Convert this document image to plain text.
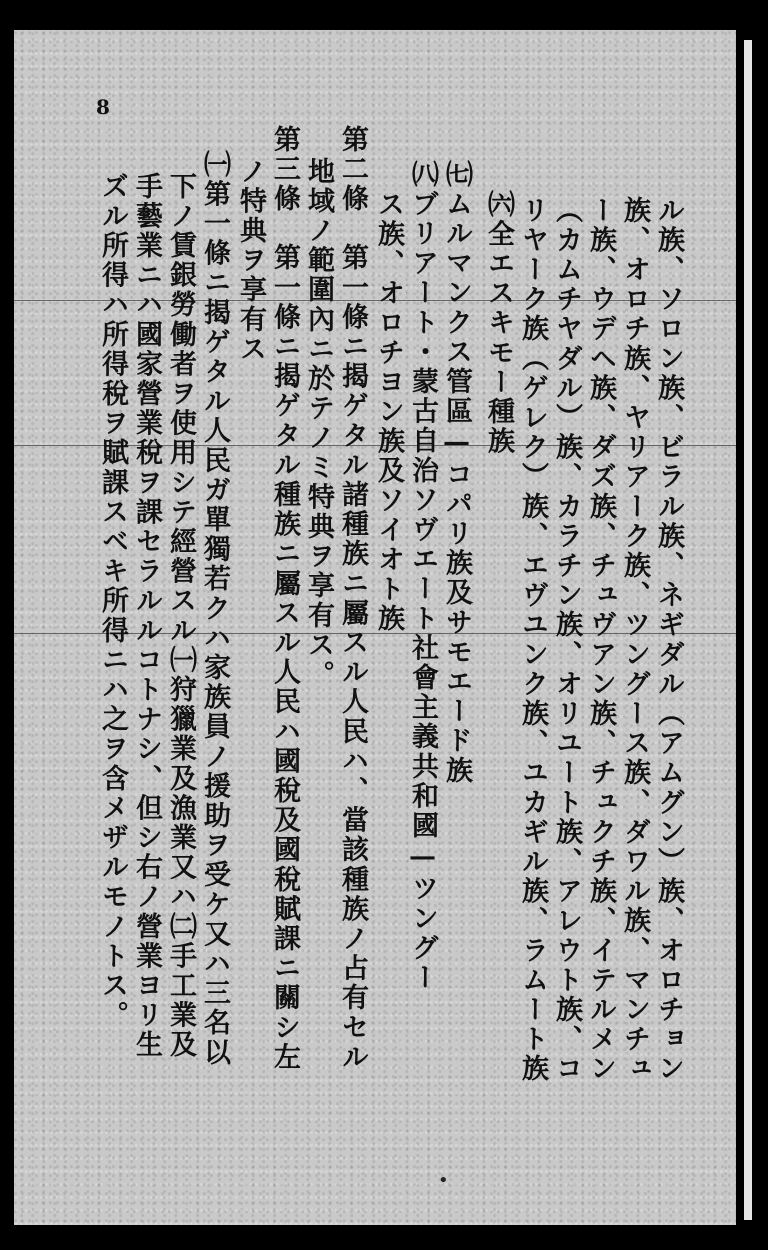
8
ル族、ソロン族、ビラル族、ネギダル（アムグン）族、オロチョン
族、オロチ族、ヤリアーク族、ツングース族、ダワル族、マンチュ
ー族、ウデヘ族、ダズ族、チュヴアン族、チュクチ族、イテルメン
（カムチヤダル）族、カラチン族、オリユート族、アレウト族、コ
リヤーク族（ゲレク）族、エヴユンク族、ユカギル族、ラムート族
㈥全エスキモー種族
㈦ムルマンクス管區—コパリ族及サモエード族
㈧ブリアート・蒙古自治ソヴエート社會主義共和國—ツングー
ス族、オロチヨン族及ソイオト族
第二條　第一條ニ揭ゲタル諸種族ニ屬スル人民ハ、當該種族ノ占有セル
地域ノ範圍內ニ於テノミ特典ヲ享有ス。
第三條　第一條ニ揭ゲタル種族ニ屬スル人民ハ國稅及國稅賦課ニ關シ左
ノ特典ヲ享有ス
㈠第一條ニ揭ゲタル人民ガ單獨若クハ家族員ノ援助ヲ受ケ又ハ三名以
下ノ賃銀勞働者ヲ使用シテ經營スル㈠狩獵業及漁業又ハ㈡手工業及
手藝業ニハ國家營業稅ヲ課セラルルコトナシ、但シ右ノ營業ヨリ生
ズル所得ハ所得稅ヲ賦課スベキ所得ニハ之ヲ含メザルモノトス。
•
